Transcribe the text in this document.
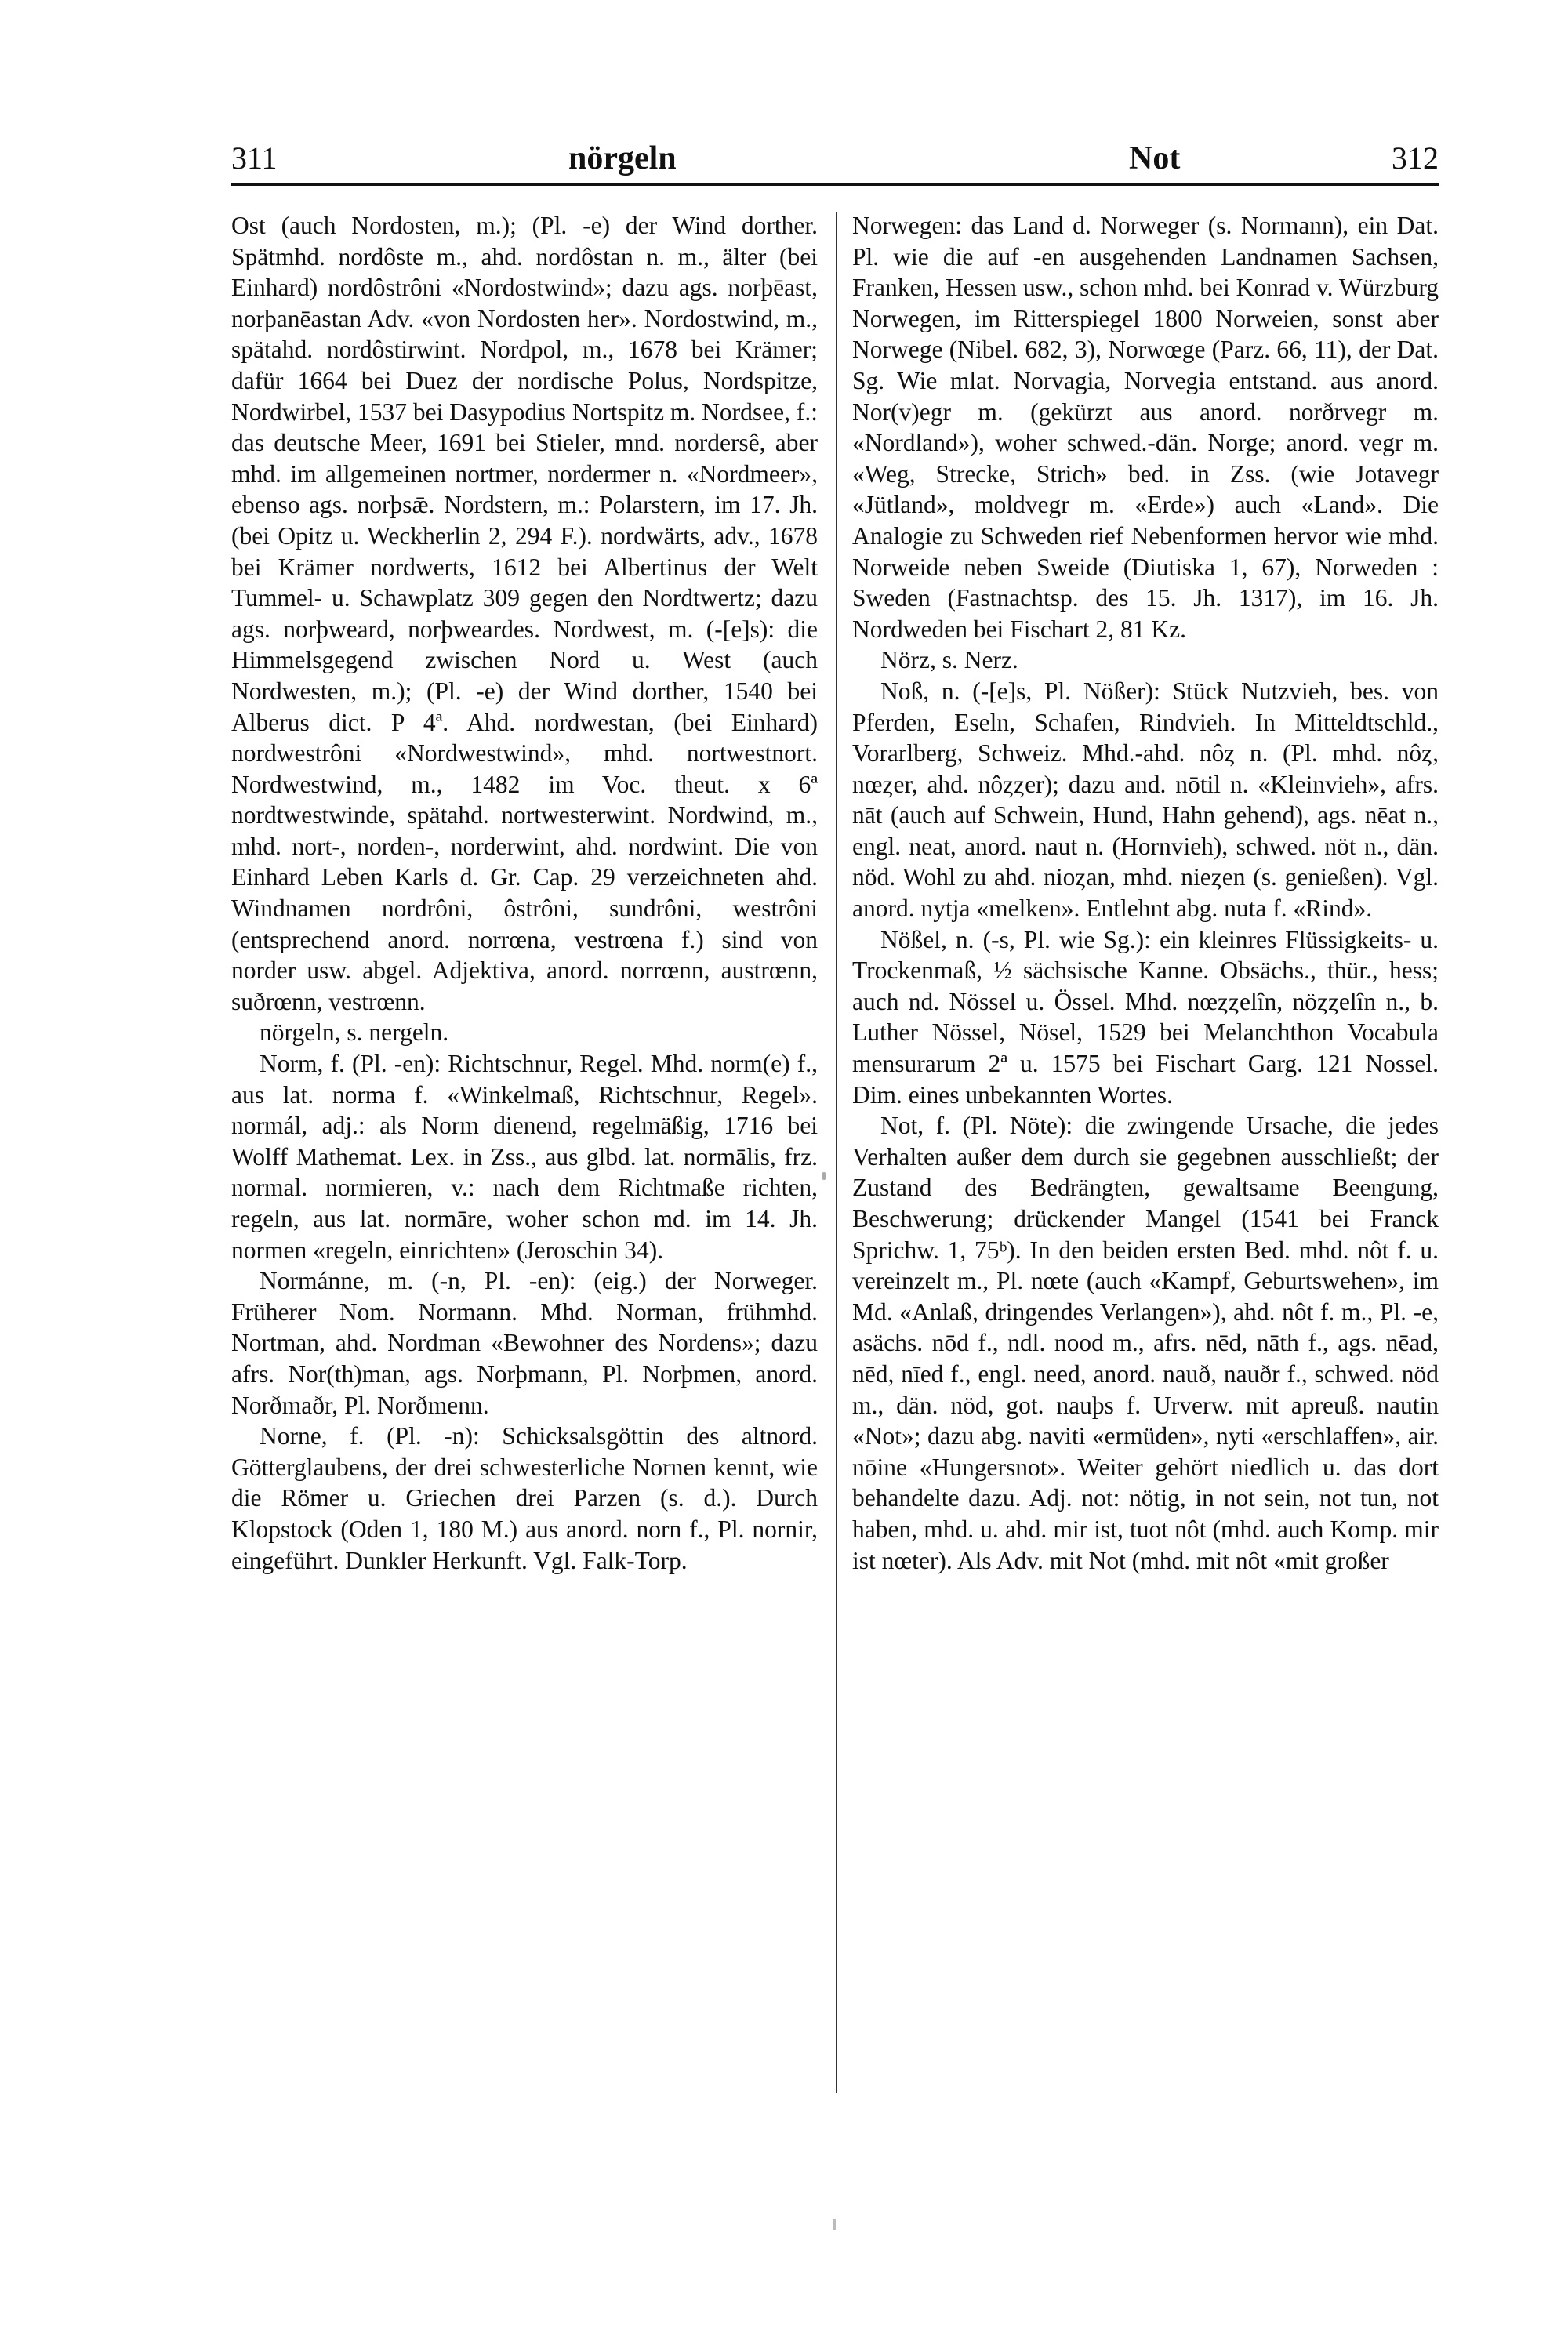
311	nörgeln	Not	312

Ost (auch Nordosten, m.); (Pl. -e) der Wind dorther. Spätmhd. nordôste m., ahd. nordôstan n. m., älter (bei Einhard) nordôstrôni «Nordostwind»; dazu ags. norþēast, norþanēastan Adv. «von Nordosten her». Nordostwind, m., spätahd. nordôstirwint. Nordpol, m., 1678 bei Krämer; dafür 1664 bei Duez der nordische Polus, Nordspitze, Nordwirbel, 1537 bei Dasypodius Nortspitz m. Nordsee, f.: das deutsche Meer, 1691 bei Stieler, mnd. nordersê, aber mhd. im allgemeinen nortmer, nordermer n. «Nordmeer», ebenso ags. norþsǣ. Nordstern, m.: Polarstern, im 17. Jh. (bei Opitz u. Weckherlin 2, 294 F.). nordwärts, adv., 1678 bei Krämer nordwerts, 1612 bei Albertinus der Welt Tummel- u. Schawplatz 309 gegen den Nordtwertz; dazu ags. norþweard, norþweardes. Nordwest, m. (-[e]s): die Himmelsgegend zwischen Nord u. West (auch Nordwesten, m.); (Pl. -e) der Wind dorther, 1540 bei Alberus dict. P 4ª. Ahd. nordwestan, (bei Einhard) nordwestrôni «Nordwestwind», mhd. nortwestnort. Nordwestwind, m., 1482 im Voc. theut. x 6ª nordtwestwinde, spätahd. nortwesterwint. Nordwind, m., mhd. nort-, norden-, norderwint, ahd. nordwint. Die von Einhard Leben Karls d. Gr. Cap. 29 verzeichneten ahd. Windnamen nordrôni, ôstrôni, sundrôni, westrôni (entsprechend anord. norrœna, vestrœna f.) sind von norder usw. abgel. Adjektiva, anord. norrœnn, austrœnn, suðrœnn, vestrœnn.

nörgeln, s. nergeln.

Norm, f. (Pl. -en): Richtschnur, Regel. Mhd. norm(e) f., aus lat. norma f. «Winkelmaß, Richtschnur, Regel». normál, adj.: als Norm dienend, regelmäßig, 1716 bei Wolff Mathemat. Lex. in Zss., aus glbd. lat. normālis, frz. normal. normieren, v.: nach dem Richtmaße richten, regeln, aus lat. normāre, woher schon md. im 14. Jh. normen «regeln, einrichten» (Jeroschin 34).

Normánne, m. (-n, Pl. -en): (eig.) der Norweger. Früherer Nom. Normann. Mhd. Norman, frühmhd. Nortman, ahd. Nordman «Bewohner des Nordens»; dazu afrs. Nor(th)man, ags. Norþmann, Pl. Norþmen, anord. Norðmaðr, Pl. Norðmenn.

Norne, f. (Pl. -n): Schicksalsgöttin des altnord. Götterglaubens, der drei schwesterliche Nornen kennt, wie die Römer u. Griechen drei Parzen (s. d.). Durch Klopstock (Oden 1, 180 M.) aus anord. norn f., Pl. nornir, eingeführt. Dunkler Herkunft. Vgl. Falk-Torp.

Norwegen: das Land d. Norweger (s. Normann), ein Dat. Pl. wie die auf -en ausgehenden Landnamen Sachsen, Franken, Hessen usw., schon mhd. bei Konrad v. Würzburg Norwegen, im Ritterspiegel 1800 Norweien, sonst aber Norwege (Nibel. 682, 3), Norwœge (Parz. 66, 11), der Dat. Sg. Wie mlat. Norvagia, Norvegia entstand. aus anord. Nor(v)egr m. (gekürzt aus anord. norðrvegr m. «Nordland»), woher schwed.-dän. Norge; anord. vegr m. «Weg, Strecke, Strich» bed. in Zss. (wie Jotavegr «Jütland», moldvegr m. «Erde») auch «Land». Die Analogie zu Schweden rief Nebenformen hervor wie mhd. Norweide neben Sweide (Diutiska 1, 67), Norweden : Sweden (Fastnachtsp. des 15. Jh. 1317), im 16. Jh. Nordweden bei Fischart 2, 81 Kz.

Nörz, s. Nerz.

Noß, n. (-[e]s, Pl. Nößer): Stück Nutzvieh, bes. von Pferden, Eseln, Schafen, Rindvieh. In Mitteldtschld., Vorarlberg, Schweiz. Mhd.-ahd. nôȥ n. (Pl. mhd. nôȥ, nœȥer, ahd. nôȥȥer); dazu and. nōtil n. «Kleinvieh», afrs. nāt (auch auf Schwein, Hund, Hahn gehend), ags. nēat n., engl. neat, anord. naut n. (Hornvieh), schwed. nöt n., dän. nöd. Wohl zu ahd. nioȥan, mhd. nieȥen (s. genießen). Vgl. anord. nytja «melken». Entlehnt abg. nuta f. «Rind».

Nößel, n. (-s, Pl. wie Sg.): ein kleinres Flüssigkeits- u. Trockenmaß, ½ sächsische Kanne. Obsächs., thür., hess; auch nd. Nössel u. Össel. Mhd. nœȥȥelîn, nöȥȥelîn n., b. Luther Nössel, Nösel, 1529 bei Melanchthon Vocabula mensurarum 2ª u. 1575 bei Fischart Garg. 121 Nossel. Dim. eines unbekannten Wortes.

Not, f. (Pl. Nöte): die zwingende Ursache, die jedes Verhalten außer dem durch sie gegebnen ausschließt; der Zustand des Bedrängten, gewaltsame Beengung, Beschwerung; drückender Mangel (1541 bei Franck Sprichw. 1, 75ᵇ). In den beiden ersten Bed. mhd. nôt f. u. vereinzelt m., Pl. nœte (auch «Kampf, Geburtswehen», im Md. «Anlaß, dringendes Verlangen»), ahd. nôt f. m., Pl. -e, asächs. nōd f., ndl. nood m., afrs. nēd, nāth f., ags. nēad, nēd, nīed f., engl. need, anord. nauð, nauðr f., schwed. nöd m., dän. nöd, got. nauþs f. Urverw. mit apreuß. nautin «Not»; dazu abg. naviti «ermüden», nyti «erschlaffen», air. nōine «Hungersnot». Weiter gehört niedlich u. das dort behandelte dazu. Adj. not: nötig, in not sein, not tun, not haben, mhd. u. ahd. mir ist, tuot nôt (mhd. auch Komp. mir ist nœter). Als Adv. mit Not (mhd. mit nôt «mit großer
